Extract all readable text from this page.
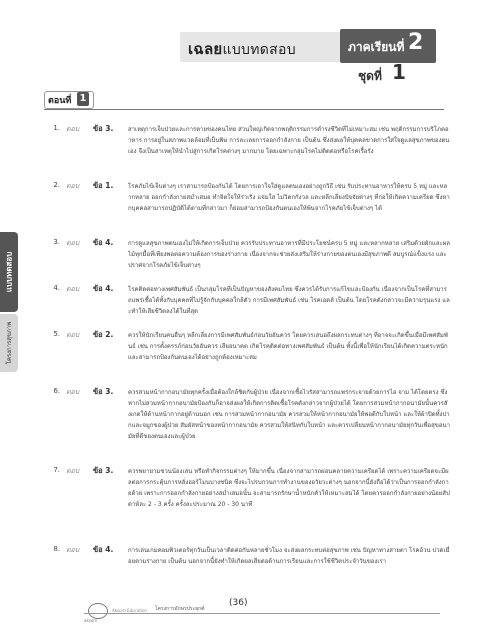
เฉลยแบบทดสอบ	ภาคเรียนที่ 2
ชุดที่ 1
ตอนที่ 1
แบบทดสอบ
โครงการสุขภาพ
1. ตอบ ข้อ 3. สาเหตุการเจ็บป่วยและการตายของคนไทย ส่วนใหญ่เกิดจากพฤติกรรมการดำรงชีวิตที่ไม่เหมาะสม เช่น พฤติกรรมการบริโภคอาหาร การอยู่ในสภาพแวดล้อมที่เป็นพิษ การละเลยการออกกำลังกาย เป็นต้น ซึ่งส่งผลให้บุคคลขาดการใส่ใจดูแลสุขภาพของตนเอง จึงเป็นสาเหตุให้นำไปสู่การเกิดโรคต่างๆ มากมาย โดยเฉพาะกลุ่มโรคไม่ติดต่อหรือโรคเรื้อรัง
2. ตอบ ข้อ 1. โรคภัยไข้เจ็บต่างๆ เราสามารถป้องกันได้ โดยการเอาใจใส่ดูแลตนเองอย่างถูกวิธี เช่น รับประทานอาหารให้ครบ 5 หมู่ และหลากหลาย ออกกำลังกายสม่ำเสมอ ทำจิตใจให้ร่าเริง แจ่มใส ไม่วิตกกังวล และหลีกเลี่ยงปัจจัยต่างๆ ที่ก่อให้เกิดความเครียด ซึ่งหากบุคคลสามารถปฏิบัติได้ตามที่กล่าวมา ก็ย่อมสามารถป้องกันตนเองให้พ้นจากโรคภัยไข้เจ็บต่างๆ ได้
3. ตอบ ข้อ 4. การดูแลสุขภาพตนเองไม่ให้เกิดการเจ็บป่วย ควรรับประทานอาหารที่มีประโยชน์ครบ 5 หมู่ และหลากหลาย เสริมด้วยผักและผลไม้ทุกมื้อที่เพียงพอต่อความต้องการของร่างกาย เนื่องจากจะช่วยส่งเสริมให้ร่างกายของตนเองมีสุขภาพดี สมบูรณ์แข็งแรง และปราศจากโรคภัยไข้เจ็บต่างๆ
4. ตอบ ข้อ 4. โรคติดต่อทางเพศสัมพันธ์ เป็นกลุ่มโรคที่เป็นปัญหาของสังคมไทย ซึ่งควรได้รับการแก้ไขและป้องกัน เนื่องจากเป็นโรคที่สามารถแพร่เชื้อได้ทั้งกับบุคคลที่ไม่รู้จักกับบุคคลใกล้ตัว การมีเพศสัมพันธ์ เช่น โรคเอดส์ เป็นต้น โดยโรคดังกล่าวจะมีความรุนแรง และทำให้เสียชีวิตลงได้ในที่สุด
5. ตอบ ข้อ 2. ควรให้นักเรียนคนอื่นๆ หลีกเลี่ยงการมีเพศสัมพันธ์ก่อนวัยอันควร โดยควรเสนอถึงผลกระทบต่างๆ ที่อาจจะเกิดขึ้นเมื่อมีเพศสัมพันธ์ เช่น การตั้งครรภ์ก่อนวัยอันควร เสียอนาคต เกิดโรคติดต่อทางเพศสัมพันธ์ เป็นต้น ทั้งนี้เพื่อให้นักเรียนได้เกิดความตระหนัก และสามารถป้องกันตนเองได้อย่างถูกต้องเหมาะสม
6. ตอบ ข้อ 3. ควรสวมหน้ากากอนามัยทุกครั้งเมื่อต้องใกล้ชิดกับผู้ป่วย เนื่องจากเชื้อไวรัสสามารถแพร่กระจายด้วยการไอ จาม ได้โดยตรง ซึ่งหากไม่สวมหน้ากากอนามัยป้องกันก็อาจส่งผลให้เกิดการติดเชื้อโรคดังกล่าวจากผู้ป่วยได้ โดยการสวมหน้ากากอนามัยนั้นควรสังเกตให้ด้านหน้ากากอยู่ด้านนอก เช่น การสวมหน้ากากอนามัย ควรสวมให้หน้ากากอนามัยให้พอดีกับใบหน้า และให้ผ้าปิดทั้งปากและจมูกของผู้ป่วย สัมผัสหน้าของหน้ากากอนามัย ควรสวมให้สนิทกับใบหน้า และควรเปลี่ยนหน้ากากอนามัยทุกวันเพื่อสุขอนามัยที่ดีของตนเองและผู้ป่วย
7. ตอบ ข้อ 3. ควรพยายามชวนน้องเล่น หรือทำกิจกรรมต่างๆ ให้มากขึ้น เนื่องจากสามารถผ่อนคลายความเครียดได้ เพราะความเครียดจะมีผลต่อการกระตุ้นการหลั่งฮอร์โมนบางชนิด ซึ่งจะไปรบกวนการทำงานของอวัยวะต่างๆ นอกจากนี้ยังถือได้ว่าเป็นการออกกำลังกายด้วย เพราะการออกกำลังกายอย่างสม่ำเสมอนั้น จะสามารถรักษาน้ำหนักตัวให้เหมาะสมได้ โดยควรออกกำลังกายอย่างน้อยสัปดาห์ละ 2 - 3 ครั้ง ครั้งละประมาณ 20 - 30 นาที
8. ตอบ ข้อ 4. การเล่นเกมคอมพิวเตอร์ทุกวันเป็นเวลาติดต่อกันหลายชั่วโมง จะส่งผลกระทบต่อสุขภาพ เช่น ปัญหาทางสายตา โรคอ้วน ปวดเมื่อยตามร่างกาย เป็นต้น นอกจากนี้ยังทำให้เกิดผลเสียต่อด้านการเรียนและการใช้ชีวิตประจำวันของเรา
aksorn
Aksorn Education โครงการอักษรประยุกต์
(36)
